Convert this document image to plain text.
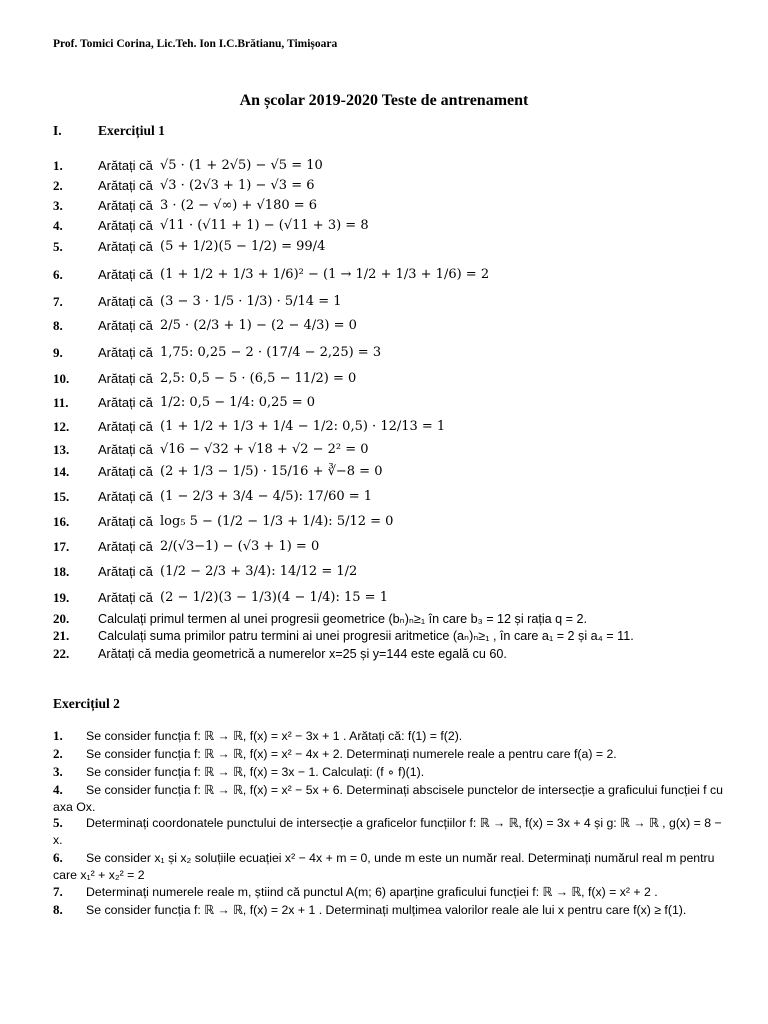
Prof. Tomici Corina, Lic.Teh. Ion I.C.Brătianu, Timișoara
An școlar 2019-2020 Teste de antrenament
I.	Exercițiul 1
1.	Arătați că √5 · (1 + 2√5) − √5 = 10
2.	Arătați că √3 · (2√3 + 1) − √3 = 6
3.	Arătați că 3 · (2 − √∞) + √180 = 6
4.	Arătați că √11 · (√11 + 1) − (√11 + 3) = 8
5.	Arătați că (5 + 1/2)(5 − 1/2) = 99/4
6.	Arătați că (1 + 1/2 + 1/3 + 1/6)² − (1 → 1/2 + 1/3 + 1/6) = 2
7.	Arătați că (3 − 3 · 1/5 · 1/3) · 5/14 = 1
8.	Arătați că 2/5 · (2/3 + 1) − (2 − 4/3) = 0
9.	Arătați că 1,75: 0,25 − 2 · (17/4 − 2,25) = 3
10. Arătați că 2,5: 0,5 − 5 · (6,5 − 11/2) = 0
11. Arătați că 1/2: 0,5 − 1/4: 0,25 = 0
12. Arătați că (1 + 1/2 + 1/3 + 1/4 − 1/2: 0,5) · 12/13 = 1
13. Arătați că √16 − √32 + √18 + √2 − 2² = 0
14. Arătați că (2 + 1/3 − 1/5) · 15/16 + ∛−8 = 0
15. Arătați că (1 − 2/3 + 3/4 − 4/5): 17/60 = 1
16. Arătați că log₅ 5 − (1/2 − 1/3 + 1/4): 5/12 = 0
17. Arătați că 2/(√3−1) − (√3 + 1) = 0
18. Arătați că (1/2 − 2/3 + 3/4): 14/12 = 1/2
19. Arătați că (2 − 1/2)(3 − 1/3)(4 − 1/4): 15 = 1
20. Calculați primul termen al unei progresii geometrice (bₙ)ₙ≥₁ în care b₃ = 12 și rația q = 2.
21. Calculați suma primilor patru termini ai unei progresii aritmetice (aₙ)ₙ≥₁ , în care a₁ = 2 și a₄ = 11.
22. Arătați că media geometrică a numerelor x=25 și y=144 este egală cu 60.
Exercițiul 2
1. Se consider funcția f: ℝ → ℝ, f(x) = x² − 3x + 1 . Arătați că: f(1) = f(2).
2. Se consider funcția f: ℝ → ℝ, f(x) = x² − 4x + 2. Determinați numerele reale a pentru care f(a) = 2.
3. Se consider funcția f: ℝ → ℝ, f(x) = 3x − 1. Calculați: (f ∘ f)(1).
4. Se consider funcția f: ℝ → ℝ, f(x) = x² − 5x + 6. Determinați abscisele punctelor de intersecție a graficului funcției f cu axa Ox.
5. Determinați coordonatele punctului de intersecție a graficelor funcțiilor f: ℝ → ℝ, f(x) = 3x + 4 și g: ℝ → ℝ , g(x) = 8 − x.
6. Se consider x₁ și x₂ soluțiile ecuației x² − 4x + m = 0, unde m este un număr real. Determinați numărul real m pentru care x₁² + x₂² = 2
7. Determinați numerele reale m, știind că punctul A(m; 6) aparține graficului funcției f: ℝ → ℝ, f(x) = x² + 2 .
8. Se consider funcția f: ℝ → ℝ, f(x) = 2x + 1 . Determinați mulțimea valorilor reale ale lui x pentru care f(x) ≥ f(1).
